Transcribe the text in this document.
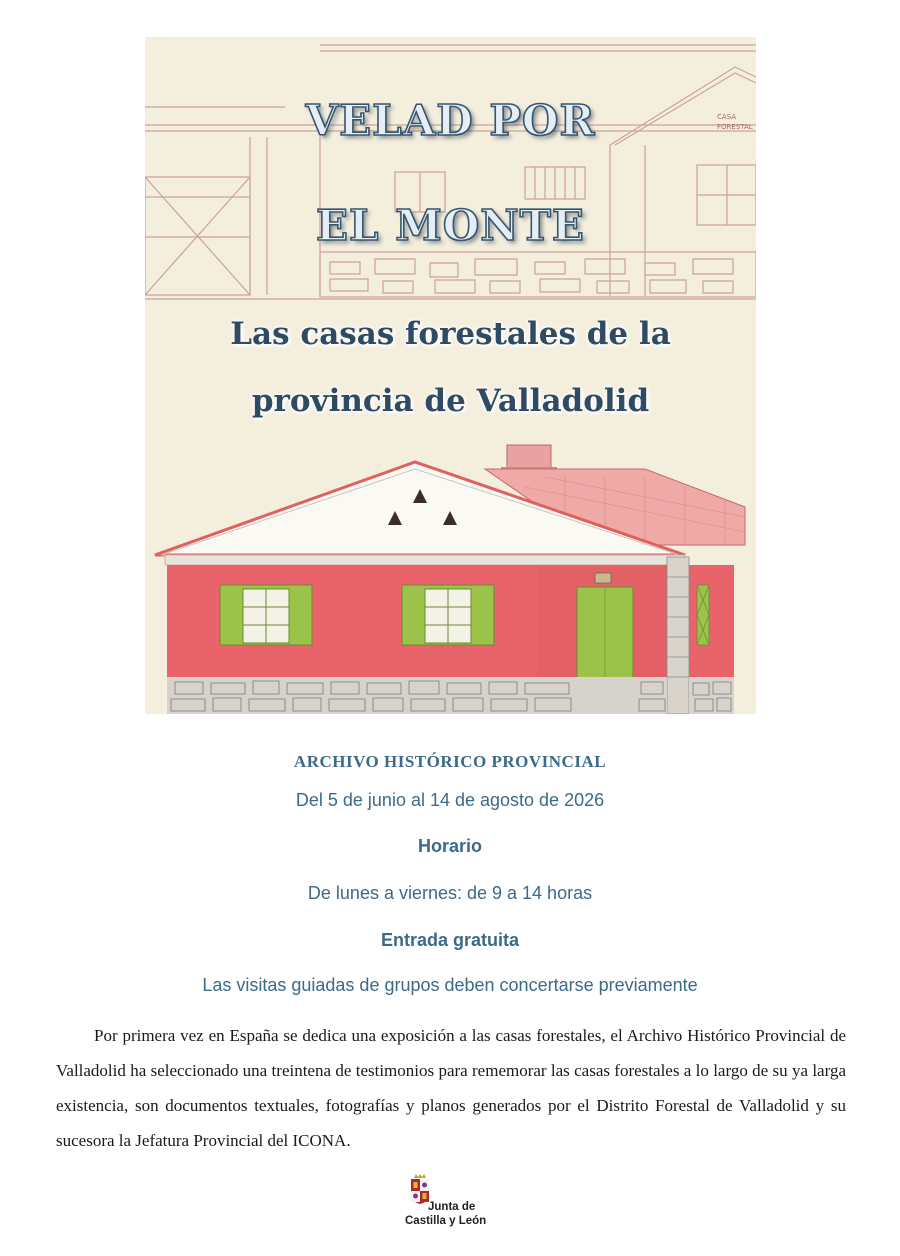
CASA
FORESTAL
VELAD POR
EL MONTE
Las casas forestales de la
provincia de Valladolid
ARCHIVO HISTÓRICO PROVINCIAL
Del 5 de junio al 14 de agosto de 2026
Horario
De lunes a viernes: de 9 a 14 horas
Entrada gratuita
Las visitas guiadas de grupos deben concertarse previamente

Por primera vez en España se dedica una exposición a las casas forestales, el Archivo Histórico Provincial de Valladolid ha seleccionado una treintena de testimonios para rememorar las casas forestales a lo largo de su ya larga existencia, son documentos textuales, fotografías y planos generados por el Distrito Forestal de Valladolid y su sucesora la Jefatura Provincial del ICONA.

Junta de
Castilla y León
